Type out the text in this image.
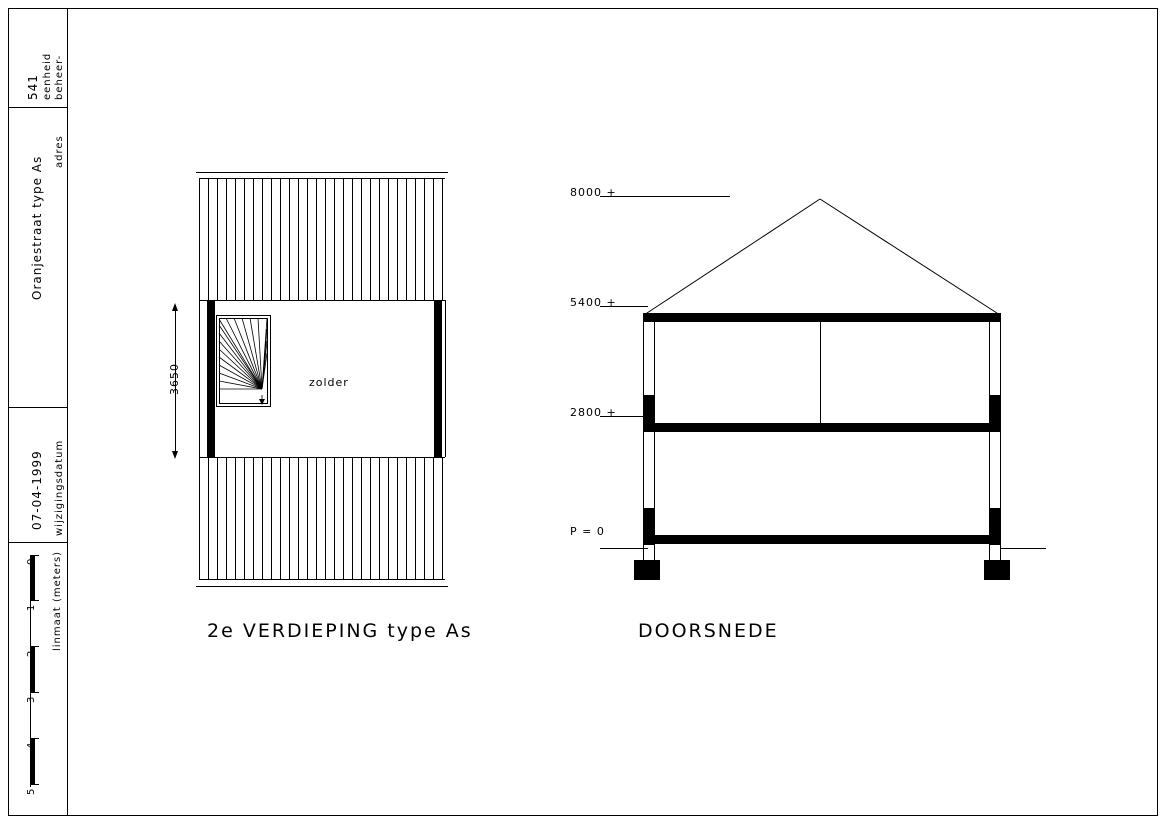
beheer-
eenheid
541
adres
Oranjestraat type As
wijzigingsdatum
07-04-1999
linmaat (meters)
0
1
2
3
4
5
zolder
3650
2e VERDIEPING type As
8000 +
5400 +
2800 +
P = 0
DOORSNEDE
